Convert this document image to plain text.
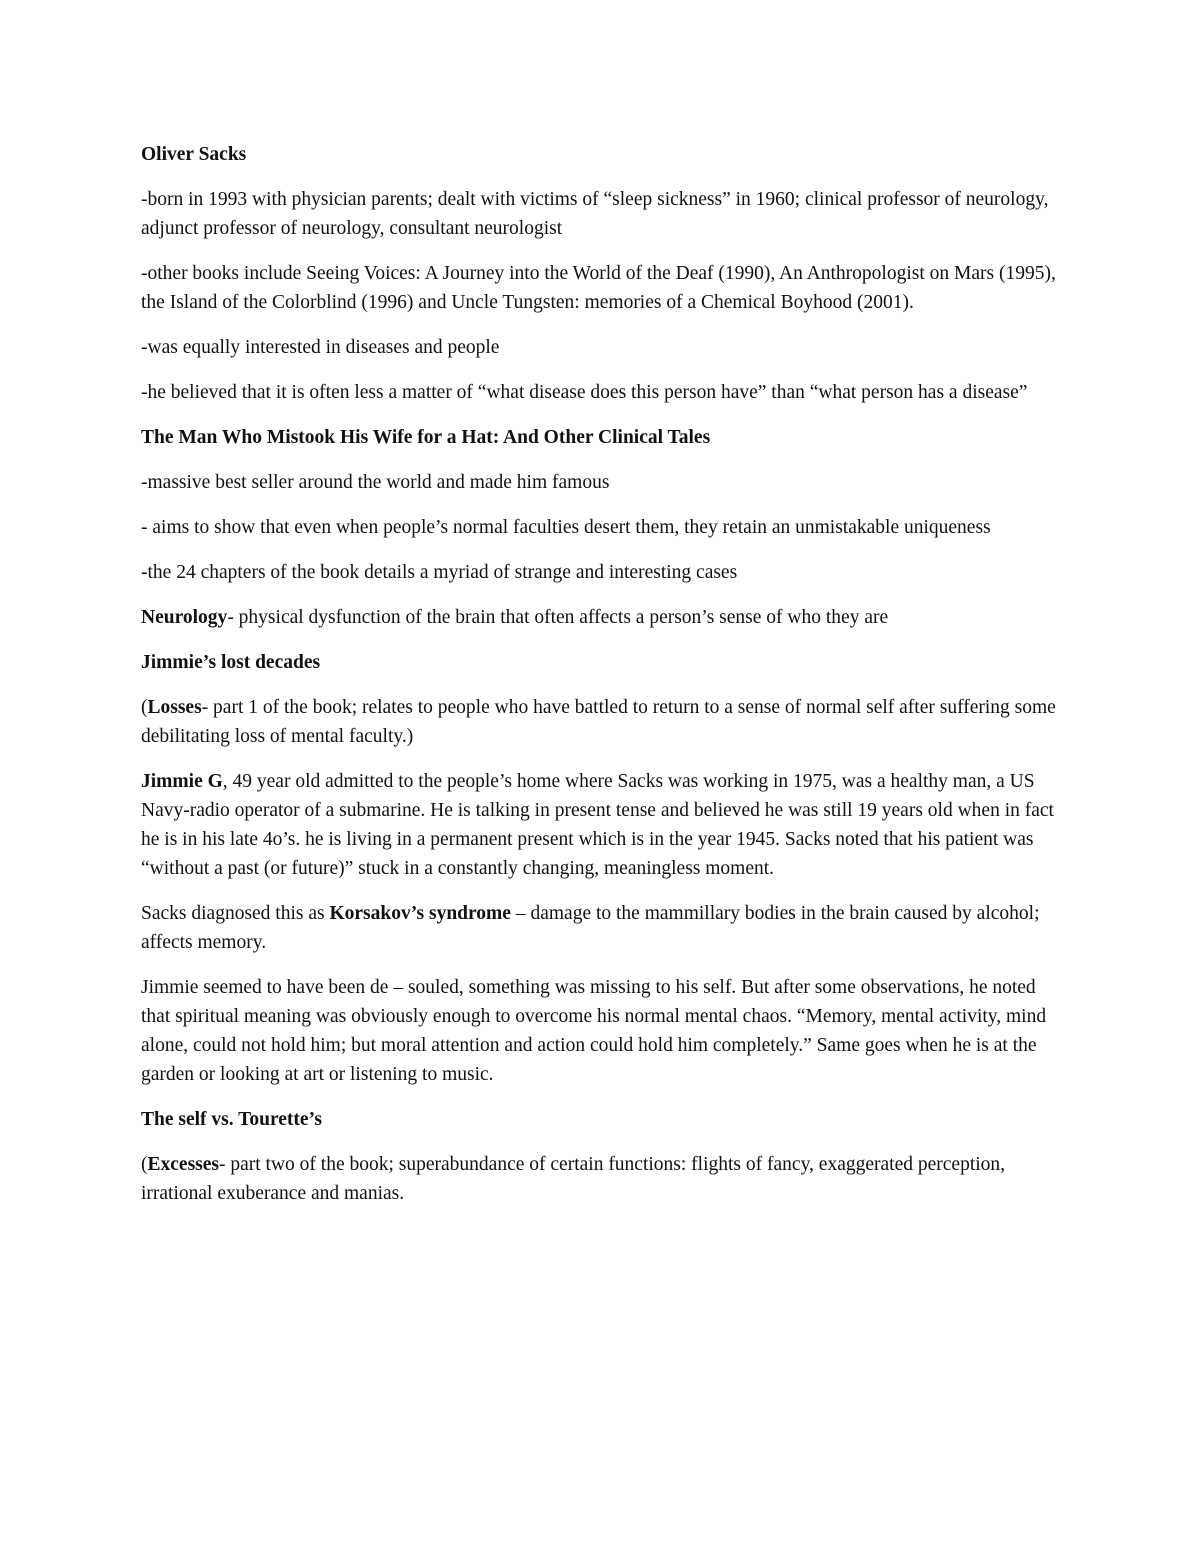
Oliver Sacks

-born in 1993 with physician parents; dealt with victims of “sleep sickness” in 1960; clinical professor of neurology, adjunct professor of neurology, consultant neurologist

-other books include Seeing Voices: A Journey into the World of the Deaf (1990), An Anthropologist on Mars (1995), the Island of the Colorblind (1996) and Uncle Tungsten: memories of a Chemical Boyhood (2001).

-was equally interested in diseases and people

-he believed that it is often less a matter of “what disease does this person have” than “what person has a disease”

The Man Who Mistook His Wife for a Hat: And Other Clinical Tales

-massive best seller around the world and made him famous

- aims to show that even when people’s normal faculties desert them, they retain an unmistakable uniqueness

-the 24 chapters of the book details a myriad of strange and interesting cases

Neurology- physical dysfunction of the brain that often affects a person’s sense of who they are

Jimmie’s lost decades

(Losses- part 1 of the book; relates to people who have battled to return to a sense of normal self after suffering some debilitating loss of mental faculty.)

Jimmie G, 49 year old admitted to the people’s home where Sacks was working in 1975, was a healthy man, a US Navy-radio operator of a submarine. He is talking in present tense and believed he was still 19 years old when in fact he is in his late 4o’s. he is living in a permanent present which is in the year 1945. Sacks noted that his patient was “without a past (or future)” stuck in a constantly changing, meaningless moment.

Sacks diagnosed this as Korsakov’s syndrome – damage to the mammillary bodies in the brain caused by alcohol; affects memory.

Jimmie seemed to have been de – souled, something was missing to his self. But after some observations, he noted that spiritual meaning was obviously enough to overcome his normal mental chaos. “Memory, mental activity, mind alone, could not hold him; but moral attention and action could hold him completely.” Same goes when he is at the garden or looking at art or listening to music.

The self vs. Tourette’s

(Excesses- part two of the book; superabundance of certain functions: flights of fancy, exaggerated perception, irrational exuberance and manias.
